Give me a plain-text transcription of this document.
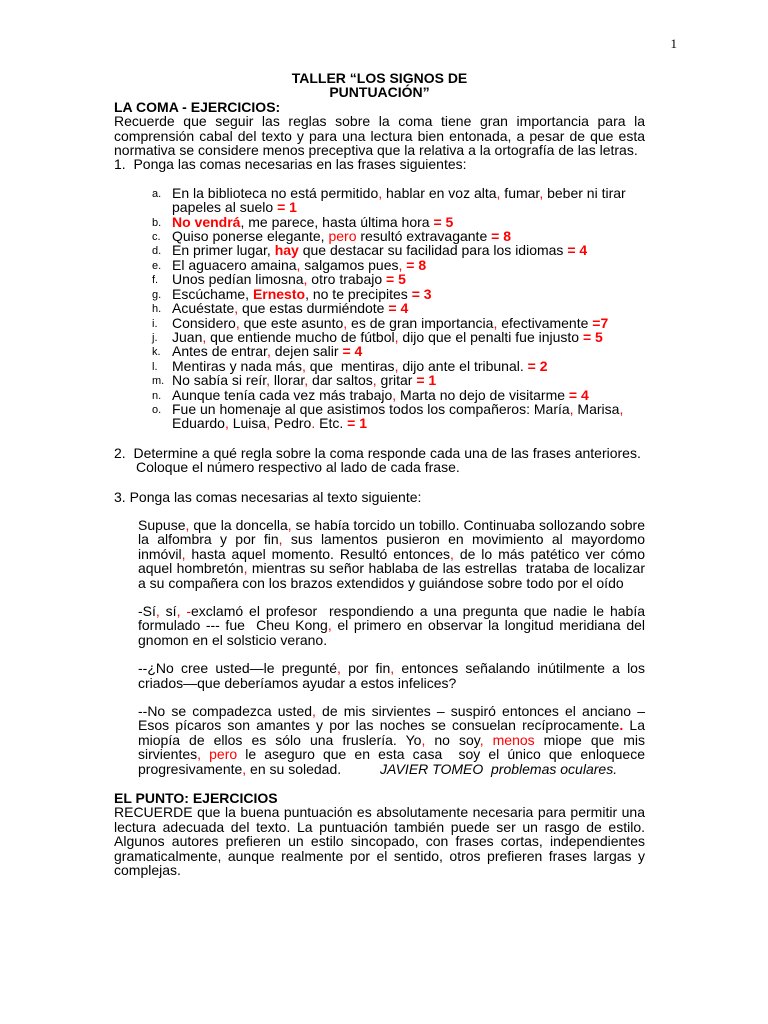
1
TALLER “LOS SIGNOS DE
PUNTUACIÓN”

LA COMA - EJERCICIOS:

Recuerde que seguir las reglas sobre la coma tiene gran importancia para la comprensión cabal del texto y para una lectura bien entonada, a pesar de que esta normativa se considere menos preceptiva que la relativa a la ortografía de las letras.

1.  Ponga las comas necesarias en las frases siguientes:

a. En la biblioteca no está permitido, hablar en voz alta, fumar, beber ni tirar papeles al suelo = 1
b. No vendrá, me parece, hasta última hora = 5
c. Quiso ponerse elegante, pero resultó extravagante = 8
d. En primer lugar, hay que destacar su facilidad para los idiomas = 4
e. El aguacero amaina, salgamos pues, = 8
f. Unos pedían limosna, otro trabajo = 5
g. Escúchame, Ernesto, no te precipites = 3
h. Acuéstate, que estas durmiéndote = 4
i. Considero, que este asunto, es de gran importancia, efectivamente =7
j. Juan, que entiende mucho de fútbol, dijo que el penalti fue injusto = 5
k. Antes de entrar, dejen salir = 4
l. Mentiras y nada más, que  mentiras, dijo ante el tribunal. = 2
m. No sabía si reír, llorar, dar saltos, gritar = 1
n. Aunque tenía cada vez más trabajo, Marta no dejo de visitarme = 4
o. Fue un homenaje al que asistimos todos los compañeros: María, Marisa, Eduardo, Luisa, Pedro. Etc. = 1

2.  Determine a qué regla sobre la coma responde cada una de las frases anteriores. Coloque el número respectivo al lado de cada frase.

3. Ponga las comas necesarias al texto siguiente:

Supuse, que la doncella, se había torcido un tobillo. Continuaba sollozando sobre la alfombra y por fin, sus lamentos pusieron en movimiento al mayordomo inmóvil, hasta aquel momento. Resultó entonces, de lo más patético ver cómo aquel hombretón, mientras su señor hablaba de las estrellas  trataba de localizar a su compañera con los brazos extendidos y guiándose sobre todo por el oído

-Sí, sí, -exclamó el profesor  respondiendo a una pregunta que nadie le había formulado --- fue  Cheu Kong, el primero en observar la longitud meridiana del gnomon en el solsticio verano.

--¿No cree usted—le pregunté, por fin, entonces señalando inútilmente a los criados—que deberíamos ayudar a estos infelices?

--No se compadezca usted, de mis sirvientes – suspiró entonces el anciano – Esos pícaros son amantes y por las noches se consuelan recíprocamente. La miopía de ellos es sólo una fruslería. Yo, no soy, menos miope que mis sirvientes, pero le aseguro que en esta casa  soy el único que enloquece progresivamente, en su soledad.          JAVIER TOMEO  problemas oculares.

EL PUNTO: EJERCICIOS

RECUERDE que la buena puntuación es absolutamente necesaria para permitir una lectura adecuada del texto. La puntuación también puede ser un rasgo de estilo. Algunos autores prefieren un estilo sincopado, con frases cortas, independientes gramaticalmente, aunque realmente por el sentido, otros prefieren frases largas y complejas.
